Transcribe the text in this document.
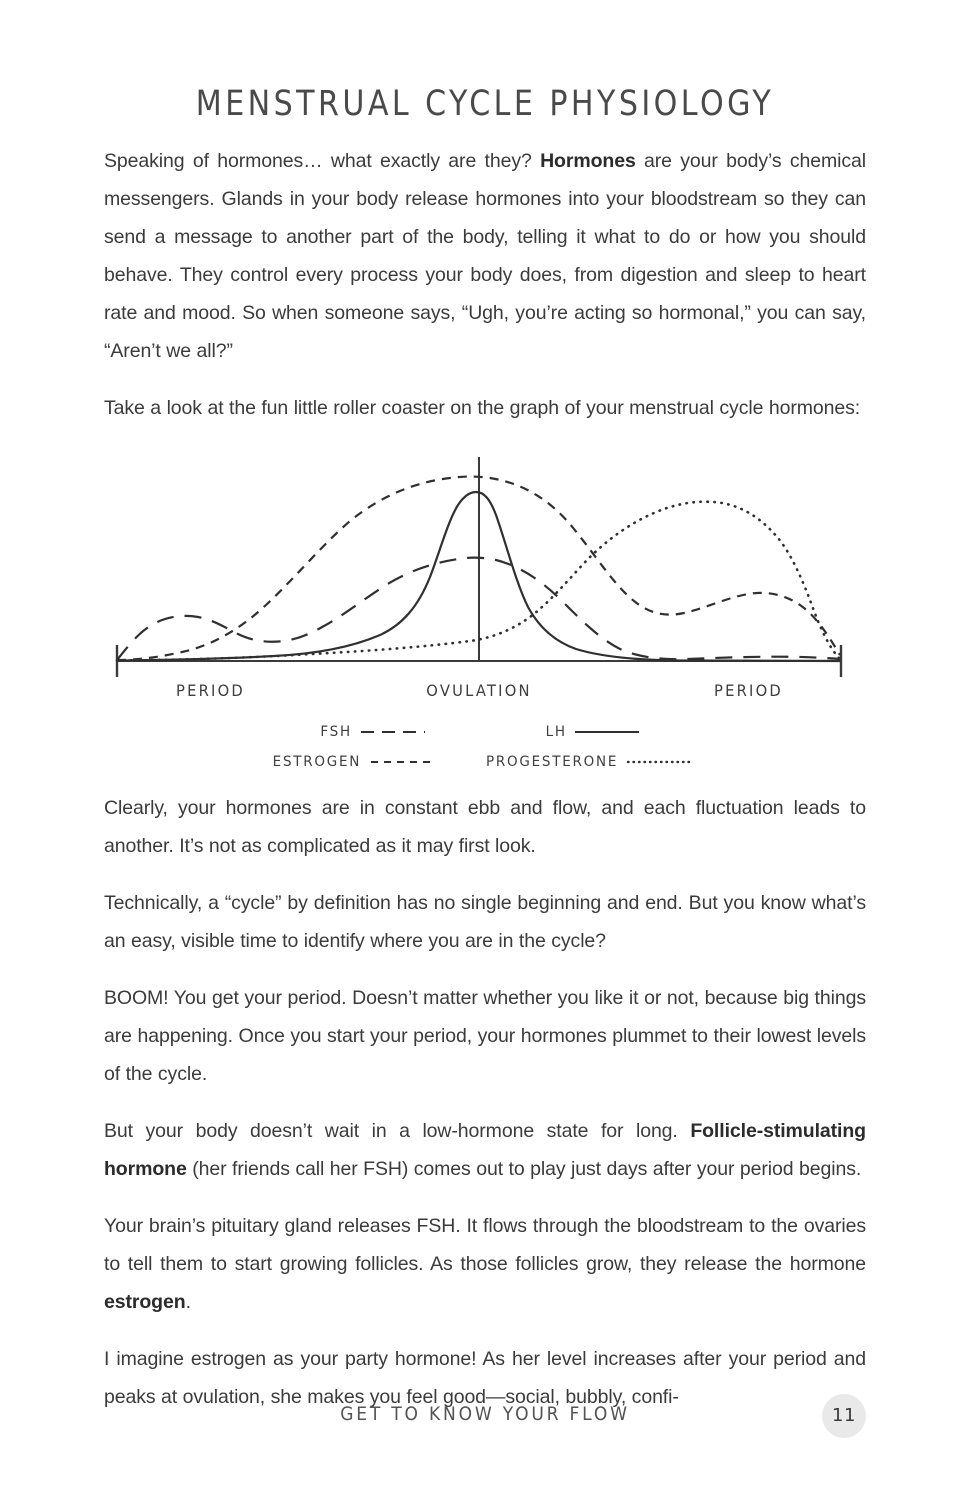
MENSTRUAL CYCLE PHYSIOLOGY

Speaking of hormones… what exactly are they? Hormones are your body’s chemical messengers. Glands in your body release hormones into your bloodstream so they can send a message to another part of the body, telling it what to do or how you should behave. They control every process your body does, from digestion and sleep to heart rate and mood. So when someone says, “Ugh, you’re acting so hormonal,” you can say, “Aren’t we all?”

Take a look at the fun little roller coaster on the graph of your menstrual cycle hormones:

PERIOD	OVULATION	PERIOD
FSH	LH
ESTROGEN	PROGESTERONE

Clearly, your hormones are in constant ebb and flow, and each fluctuation leads to another. It’s not as complicated as it may first look.

Technically, a “cycle” by definition has no single beginning and end. But you know what’s an easy, visible time to identify where you are in the cycle?

BOOM! You get your period. Doesn’t matter whether you like it or not, because big things are happening. Once you start your period, your hormones plummet to their lowest levels of the cycle.

But your body doesn’t wait in a low-hormone state for long. Follicle-stimulating hormone (her friends call her FSH) comes out to play just days after your period begins.

Your brain’s pituitary gland releases FSH. It flows through the bloodstream to the ovaries to tell them to start growing follicles. As those follicles grow, they release the hormone estrogen.

I imagine estrogen as your party hormone! As her level increases after your period and peaks at ovulation, she makes you feel good—social, bubbly, confi-

GET TO KNOW YOUR FLOW	11
